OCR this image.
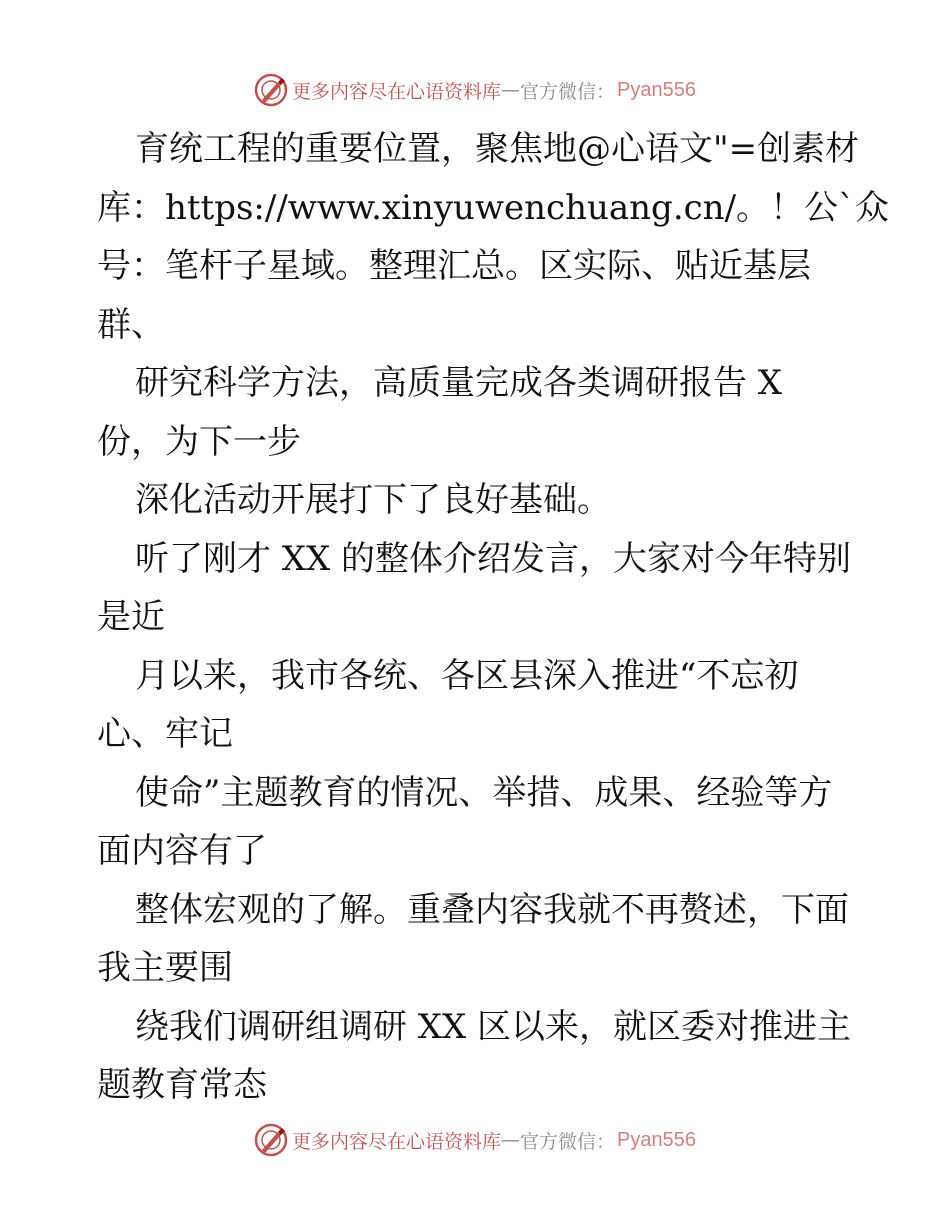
更多内容尽在心语资料库 — 官方微信： Pyan556
育统工程的重要位置，聚焦地@心语文"=创素材
库：https://www.xinyuwenchuang.cn/。！公`众
号：笔杆子星域。整理汇总。区实际、贴近基层
群、
研究科学方法，高质量完成各类调研报告 X
份，为下一步
深化活动开展打下了良好基础。
听了刚才 XX 的整体介绍发言，大家对今年特别
是近
月以来，我市各统、各区县深入推进“不忘初
心、牢记
使命”主题教育的情况、举措、成果、经验等方
面内容有了
整体宏观的了解。重叠内容我就不再赘述，下面
我主要围
绕我们调研组调研 XX 区以来，就区委对推进主
题教育常态
更多内容尽在心语资料库 — 官方微信： Pyan556
